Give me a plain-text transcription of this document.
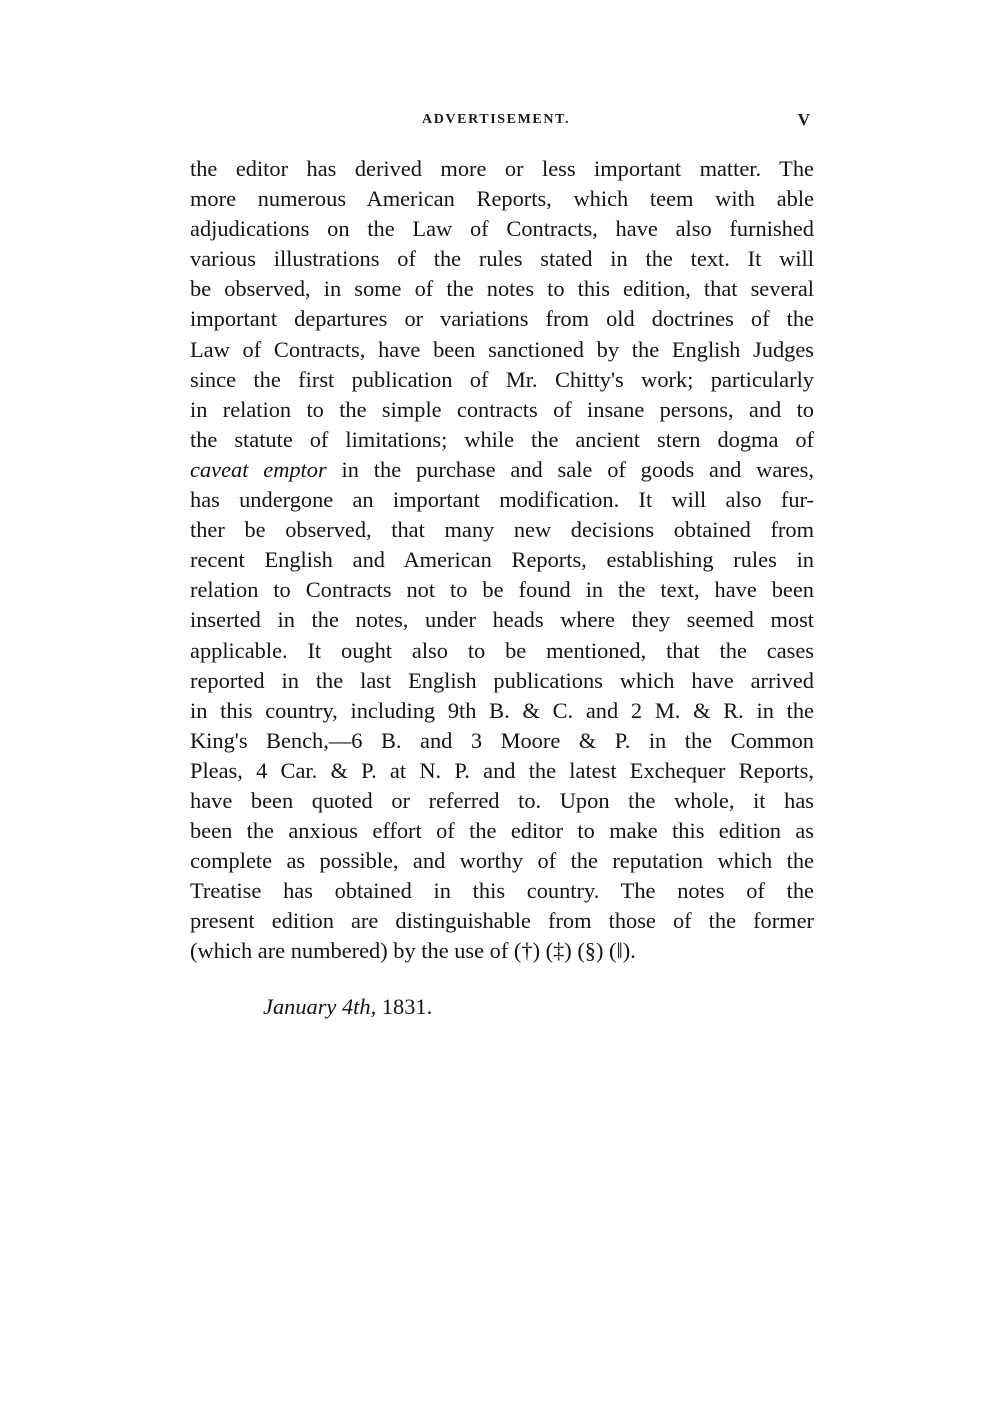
ADVERTISEMENT.	V
the editor has derived more or less important matter. The
more numerous American Reports, which teem with able
adjudications on the Law of Contracts, have also furnished
various illustrations of the rules stated in the text. It will
be observed, in some of the notes to this edition, that several
important departures or variations from old doctrines of the
Law of Contracts, have been sanctioned by the English Judges
since the first publication of Mr. Chitty's work; particularly
in relation to the simple contracts of insane persons, and to
the statute of limitations; while the ancient stern dogma of
caveat emptor in the purchase and sale of goods and wares,
has undergone an important modification. It will also fur-
ther be observed, that many new decisions obtained from
recent English and American Reports, establishing rules in
relation to Contracts not to be found in the text, have been
inserted in the notes, under heads where they seemed most
applicable. It ought also to be mentioned, that the cases
reported in the last English publications which have arrived
in this country, including 9th B. & C. and 2 M. & R. in the
King's Bench,—6 B. and 3 Moore & P. in the Common
Pleas, 4 Car. & P. at N. P. and the latest Exchequer Reports,
have been quoted or referred to. Upon the whole, it has
been the anxious effort of the editor to make this edition as
complete as possible, and worthy of the reputation which the
Treatise has obtained in this country. The notes of the
present edition are distinguishable from those of the former
(which are numbered) by the use of (†) (‡) (§) (‖).
January 4th, 1831.
